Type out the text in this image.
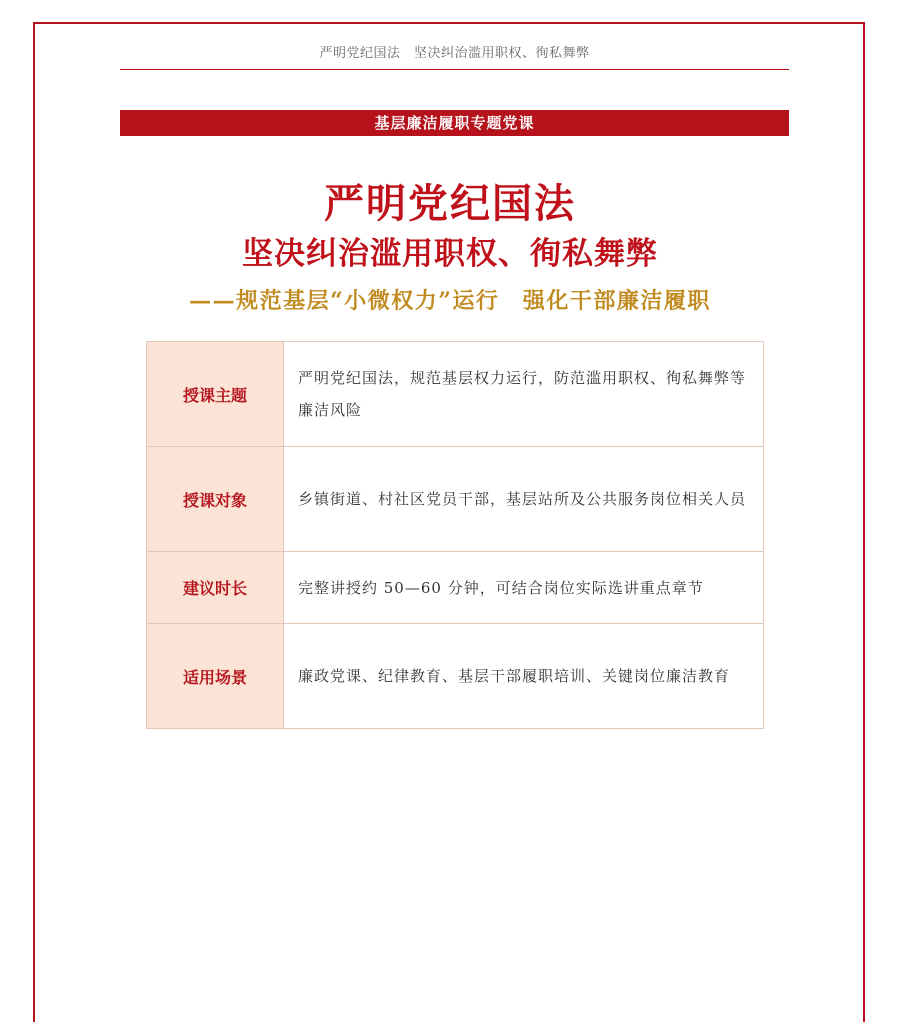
严明党纪国法　坚决纠治滥用职权、徇私舞弊
基层廉洁履职专题党课
严明党纪国法
坚决纠治滥用职权、徇私舞弊
——规范基层“小微权力”运行　强化干部廉洁履职
授课主题	严明党纪国法，规范基层权力运行，防范滥用职权、徇私舞弊等廉洁风险
授课对象	乡镇街道、村社区党员干部，基层站所及公共服务岗位相关人员
建议时长	完整讲授约 50—60 分钟，可结合岗位实际选讲重点章节
适用场景	廉政党课、纪律教育、基层干部履职培训、关键岗位廉洁教育
